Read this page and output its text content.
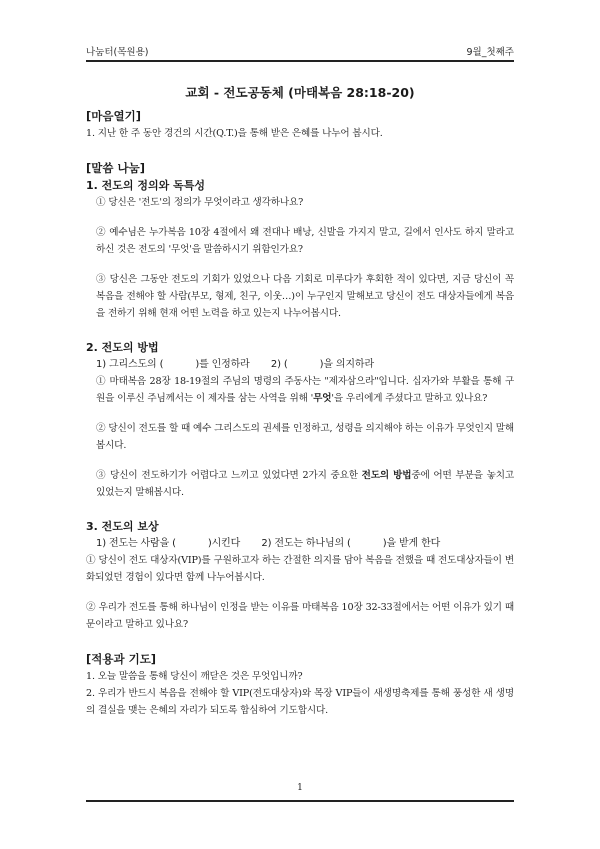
나눔터(목원용)	9월_첫째주
교회 - 전도공동체 (마태복음 28:18-20)

[마음열기]

1. 지난 한 주 동안 경건의 시간(Q.T.)을 통해 받은 은혜를 나누어 봅시다.

[말씀 나눔]

1. 전도의 정의와 독특성

① 당신은 '전도'의 정의가 무엇이라고 생각하나요?

② 예수님은 누가복음 10장 4절에서 왜 전대나 배낭, 신발을 가지지 말고, 길에서 인사도 하지 말라고 하신 것은 전도의 '무엇'을 말씀하시기 위함인가요?

③ 당신은 그동안 전도의 기회가 있었으나 다음 기회로 미루다가 후회한 적이 있다면, 지금 당신이 꼭 복음을 전해야 할 사람(부모, 형제, 친구, 이웃…)이 누구인지 말해보고 당신이 전도 대상자들에게 복음을 전하기 위해 현재 어떤 노력을 하고 있는지 나누어봅시다.

2. 전도의 방법

1) 그리스도의 (	)를 인정하라 2) (	)을 의지하라

① 마태복음 28장 18-19절의 주님의 명령의 주동사는 "제자삼으라"입니다. 십자가와 부활을 통해 구원을 이루신 주님께서는 이 제자를 삼는 사역을 위해 '무엇'을 우리에게 주셨다고 말하고 있나요?

② 당신이 전도를 할 때 예수 그리스도의 권세를 인정하고, 성령을 의지해야 하는 이유가 무엇인지 말해봅시다.

③ 당신이 전도하기가 어렵다고 느끼고 있었다면 2가지 중요한 전도의 방법중에 어떤 부분을 놓치고 있었는지 말해봅시다.

3. 전도의 보상

1) 전도는 사람을 (	)시킨다 2) 전도는 하나님의 (	)을 받게 한다

① 당신이 전도 대상자(VIP)를 구원하고자 하는 간절한 의지를 담아 복음을 전했을 때 전도대상자들이 변화되었던 경험이 있다면 함께 나누어봅시다.

② 우리가 전도를 통해 하나님이 인정을 받는 이유를 마태복음 10장 32-33절에서는 어떤 이유가 있기 때문이라고 말하고 있나요?

[적용과 기도]

1. 오늘 말씀을 통해 당신이 깨닫은 것은 무엇입니까?

2. 우리가 반드시 복음을 전해야 할 VIP(전도대상자)와 목장 VIP들이 새생명축제를 통해 풍성한 새 생명의 결실을 맺는 은혜의 자리가 되도록 합심하여 기도합시다.

1
